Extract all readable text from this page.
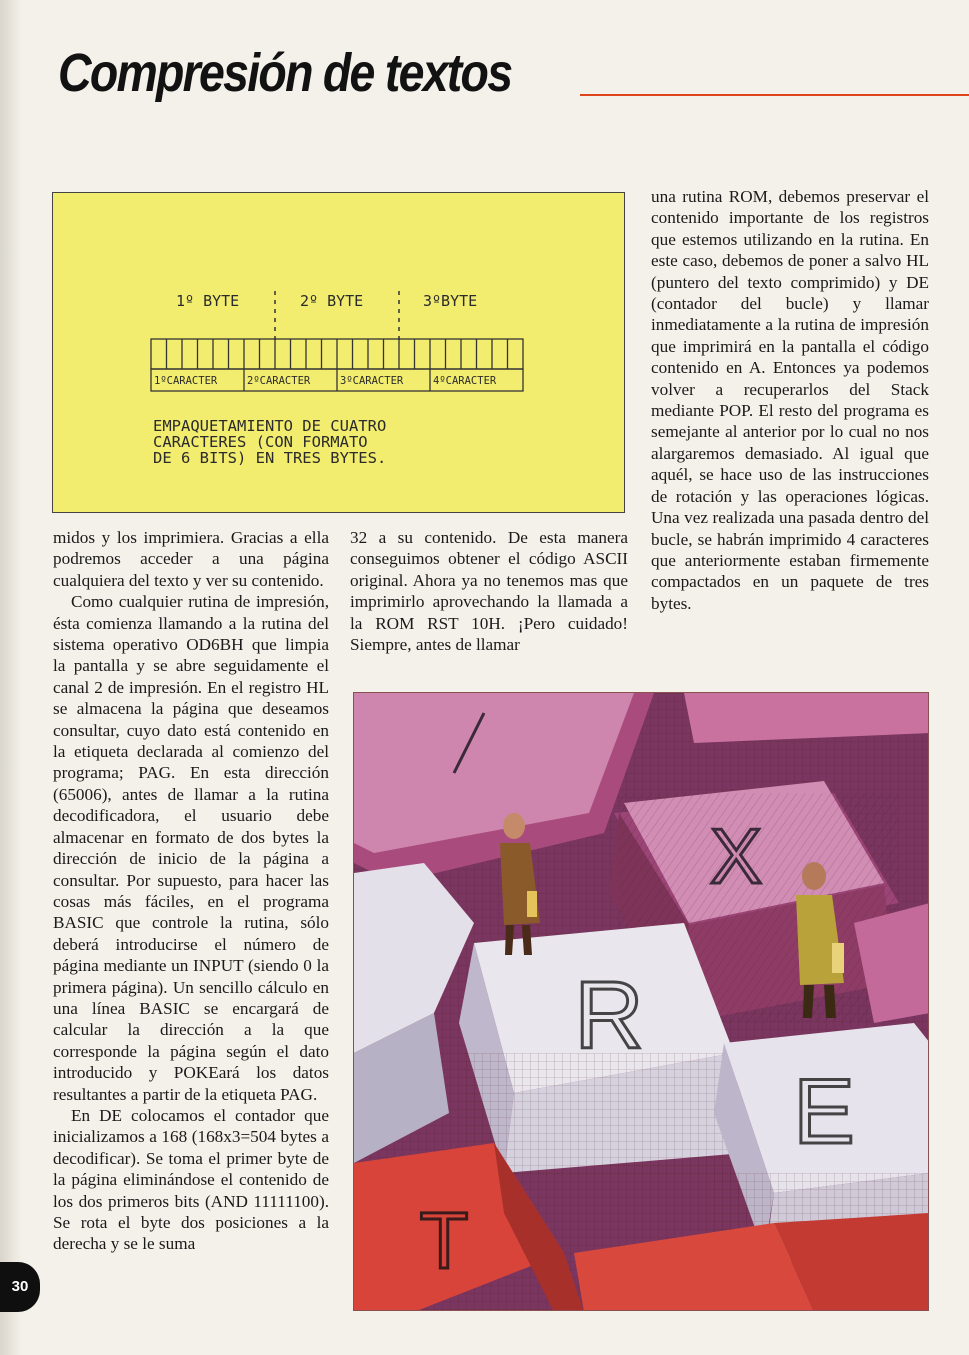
Compresión de textos
1º BYTE	2º BYTE	3ºBYTE
1ºCARACTER	2ºCARACTER	3ºCARACTER	4ºCARACTER
EMPAQUETAMIENTO DE CUATRO
CARACTERES (CON FORMATO
DE 6 BITS) EN TRES BYTES.

midos y los imprimiera. Gracias a ella podremos acceder a una página cualquiera del texto y ver su contenido.

Como cualquier rutina de impresión, ésta comienza llamando a la rutina del sistema operativo OD6BH que limpia la pantalla y se abre seguidamente el canal 2 de impresión. En el registro HL se almacena la página que deseamos consultar, cuyo dato está contenido en la etiqueta declarada al comienzo del programa; PAG. En esta dirección (65006), antes de llamar a la rutina decodificadora, el usuario debe almacenar en formato de dos bytes la dirección de inicio de la página a consultar. Por supuesto, para hacer las cosas más fáciles, en el programa BASIC que controle la rutina, sólo deberá introducirse el número de página mediante un INPUT (siendo 0 la primera página). Un sencillo cálculo en una línea BASIC se encargará de calcular la dirección a la que corresponde la página según el dato introducido y POKEará los datos resultantes a partir de la etiqueta PAG.

En DE colocamos el contador que inicializamos a 168 (168x3=504 bytes a decodificar). Se toma el primer byte de la página eliminándose el contenido de los dos primeros bits (AND 11111100). Se rota el byte dos posiciones a la derecha y se le suma

32 a su contenido. De esta manera conseguimos obtener el código ASCII original. Ahora ya no tenemos mas que imprimirlo aprovechando la llamada a la ROM RST 10H. ¡Pero cuidado! Siempre, antes de llamar

una rutina ROM, debemos preservar el contenido importante de los registros que estemos utilizando en la rutina. En este caso, debemos de poner a salvo HL (puntero del texto comprimido) y DE (contador del bucle) y llamar inmediatamente a la rutina de impresión que imprimirá en la pantalla el código contenido en A. Entonces ya podemos volver a recuperarlos del Stack mediante POP. El resto del programa es semejante al anterior por lo cual no nos alargaremos demasiado. Al igual que aquél, se hace uso de las instrucciones de rotación y las operaciones lógicas. Una vez realizada una pasada dentro del bucle, se habrán imprimido 4 caracteres que anteriormente estaban firmemente compactados en un paquete de tres bytes.

X
R
E
T
30
